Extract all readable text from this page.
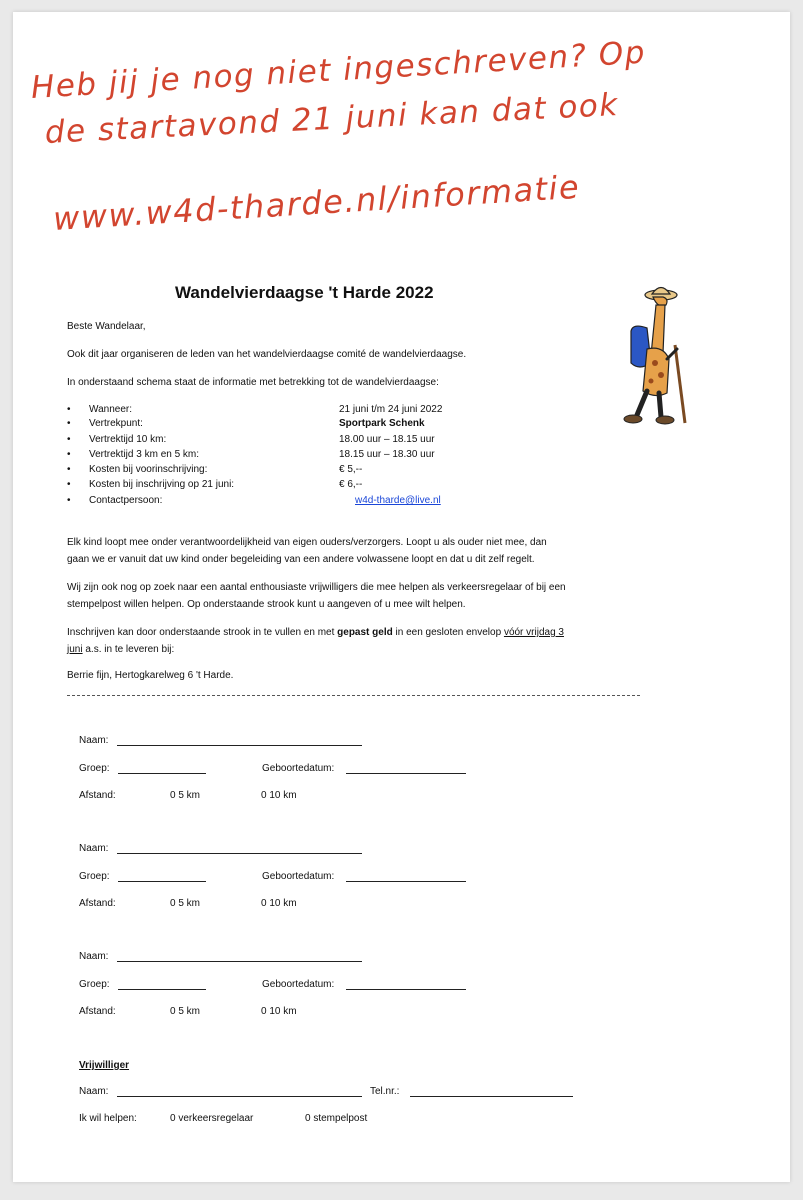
Heb jij je nog niet ingeschreven? Op
de startavond 21 juni kan dat ook
www.w4d-tharde.nl/informatie
Wandelvierdaagse 't Harde 2022
Beste Wandelaar,
Ook dit jaar organiseren de leden van het wandelvierdaagse comité de wandelvierdaagse.
In onderstaand schema staat de informatie met betrekking tot de wandelvierdaagse:
• Wanneer:	21 juni t/m 24 juni 2022
• Vertrekpunt:	Sportpark Schenk
• Vertrektijd 10 km:	18.00 uur – 18.15 uur
• Vertrektijd 3 km en 5 km:	18.15 uur – 18.30 uur
• Kosten bij voorinschrijving:	€ 5,--
• Kosten bij inschrijving op 21 juni:	€ 6,--
• Contactpersoon:	w4d-tharde@live.nl
Elk kind loopt mee onder verantwoordelijkheid van eigen ouders/verzorgers. Loopt u als ouder niet mee, dan
gaan we er vanuit dat uw kind onder begeleiding van een andere volwassene loopt en dat u dit zelf regelt.
Wij zijn ook nog op zoek naar een aantal enthousiaste vrijwilligers die mee helpen als verkeersregelaar of bij een
stempelpost willen helpen. Op onderstaande strook kunt u aangeven of u mee wilt helpen.
Inschrijven kan door onderstaande strook in te vullen en met gepast geld in een gesloten envelop vóór vrijdag 3
juni a.s. in te leveren bij:
Berrie fijn, Hertogkarelweg 6 't Harde.
Naam:
Groep:	Geboortedatum:
Afstand:	0 5 km	0 10 km
Naam:
Groep:	Geboortedatum:
Afstand:	0 5 km	0 10 km
Naam:
Groep:	Geboortedatum:
Afstand:	0 5 km	0 10 km
Vrijwilliger
Naam:	Tel.nr.:
Ik wil helpen:	0 verkeersregelaar	0 stempelpost
